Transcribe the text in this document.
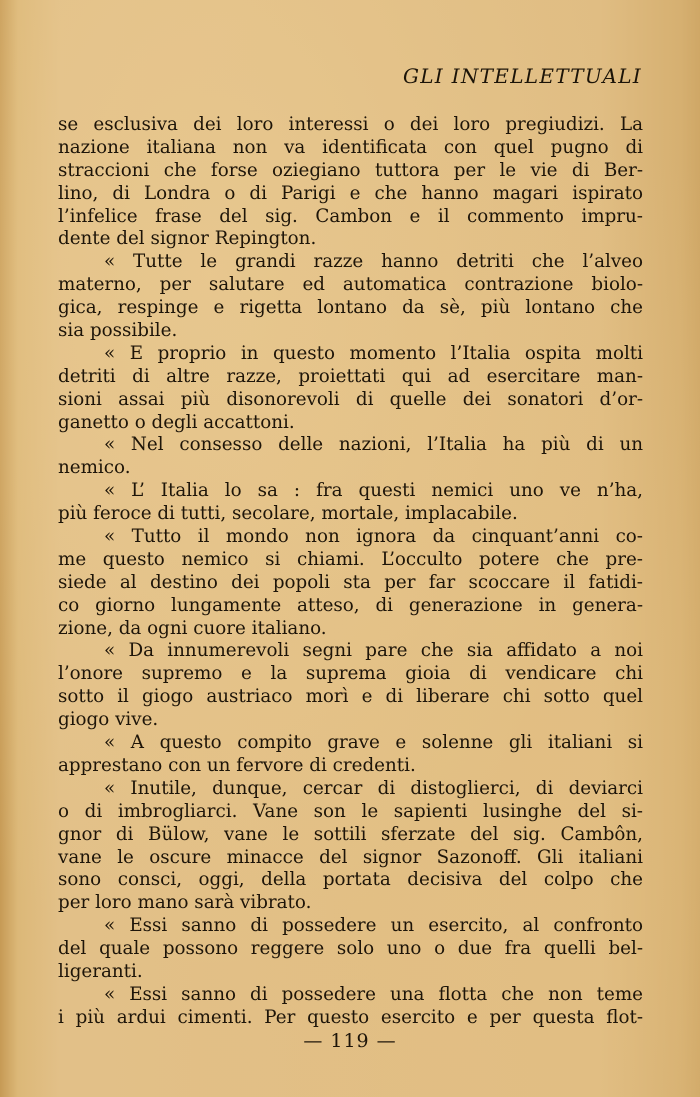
GLI INTELLETTUALI
se esclusiva dei loro interessi o dei loro pregiudizi. La
nazione italiana non va identificata con quel pugno di
straccioni che forse oziegiano tuttora per le vie di Ber-
lino, di Londra o di Parigi e che hanno magari ispirato
l’infelice frase del sig. Cambon e il commento impru-
dente del signor Repington.
« Tutte le grandi razze hanno detriti che l’alveo
materno, per salutare ed automatica contrazione biolo-
gica, respinge e rigetta lontano da sè, più lontano che
sia possibile.
« E proprio in questo momento l’Italia ospita molti
detriti di altre razze, proiettati qui ad esercitare man-
sioni assai più disonorevoli di quelle dei sonatori d’or-
ganetto o degli accattoni.
« Nel consesso delle nazioni, l’Italia ha più di un
nemico.
« L’ Italia lo sa : fra questi nemici uno ve n’ha,
più feroce di tutti, secolare, mortale, implacabile.
« Tutto il mondo non ignora da cinquant’anni co-
me questo nemico si chiami. L’occulto potere che pre-
siede al destino dei popoli sta per far scoccare il fatidi-
co giorno lungamente atteso, di generazione in genera-
zione, da ogni cuore italiano.
« Da innumerevoli segni pare che sia affidato a noi
l’onore supremo e la suprema gioia di vendicare chi
sotto il giogo austriaco morì e di liberare chi sotto quel
giogo vive.
« A questo compito grave e solenne gli italiani si
apprestano con un fervore di credenti.
« Inutile, dunque, cercar di distoglierci, di deviarci
o di imbrogliarci. Vane son le sapienti lusinghe del si-
gnor di Bülow, vane le sottili sferzate del sig. Cambôn,
vane le oscure minacce del signor Sazonoff. Gli italiani
sono consci, oggi, della portata decisiva del colpo che
per loro mano sarà vibrato.
« Essi sanno di possedere un esercito, al confronto
del quale possono reggere solo uno o due fra quelli bel-
ligeranti.
« Essi sanno di possedere una flotta che non teme
i più ardui cimenti. Per questo esercito e per questa flot-
— 119 —
